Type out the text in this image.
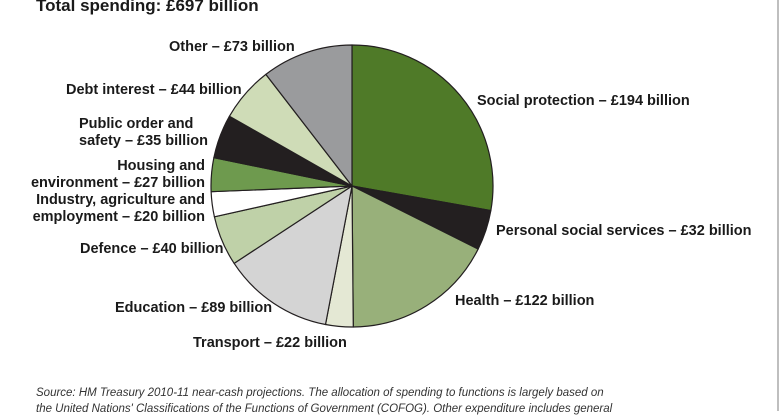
Total spending: £697 billion
Social protection – £194 billion
Personal social services – £32 billion
Health – £122 billion
Transport – £22 billion
Education – £89 billion
Defence – £40 billion
Industry, agriculture and
employment – £20 billion
Housing and
environment – £27 billion
Public order and
safety – £35 billion
Debt interest – £44 billion
Other – £73 billion

Source: HM Treasury 2010-11 near-cash projections. The allocation of spending to functions is largely based on
the United Nations' Classifications of the Functions of Government (COFOG). Other expenditure includes general
